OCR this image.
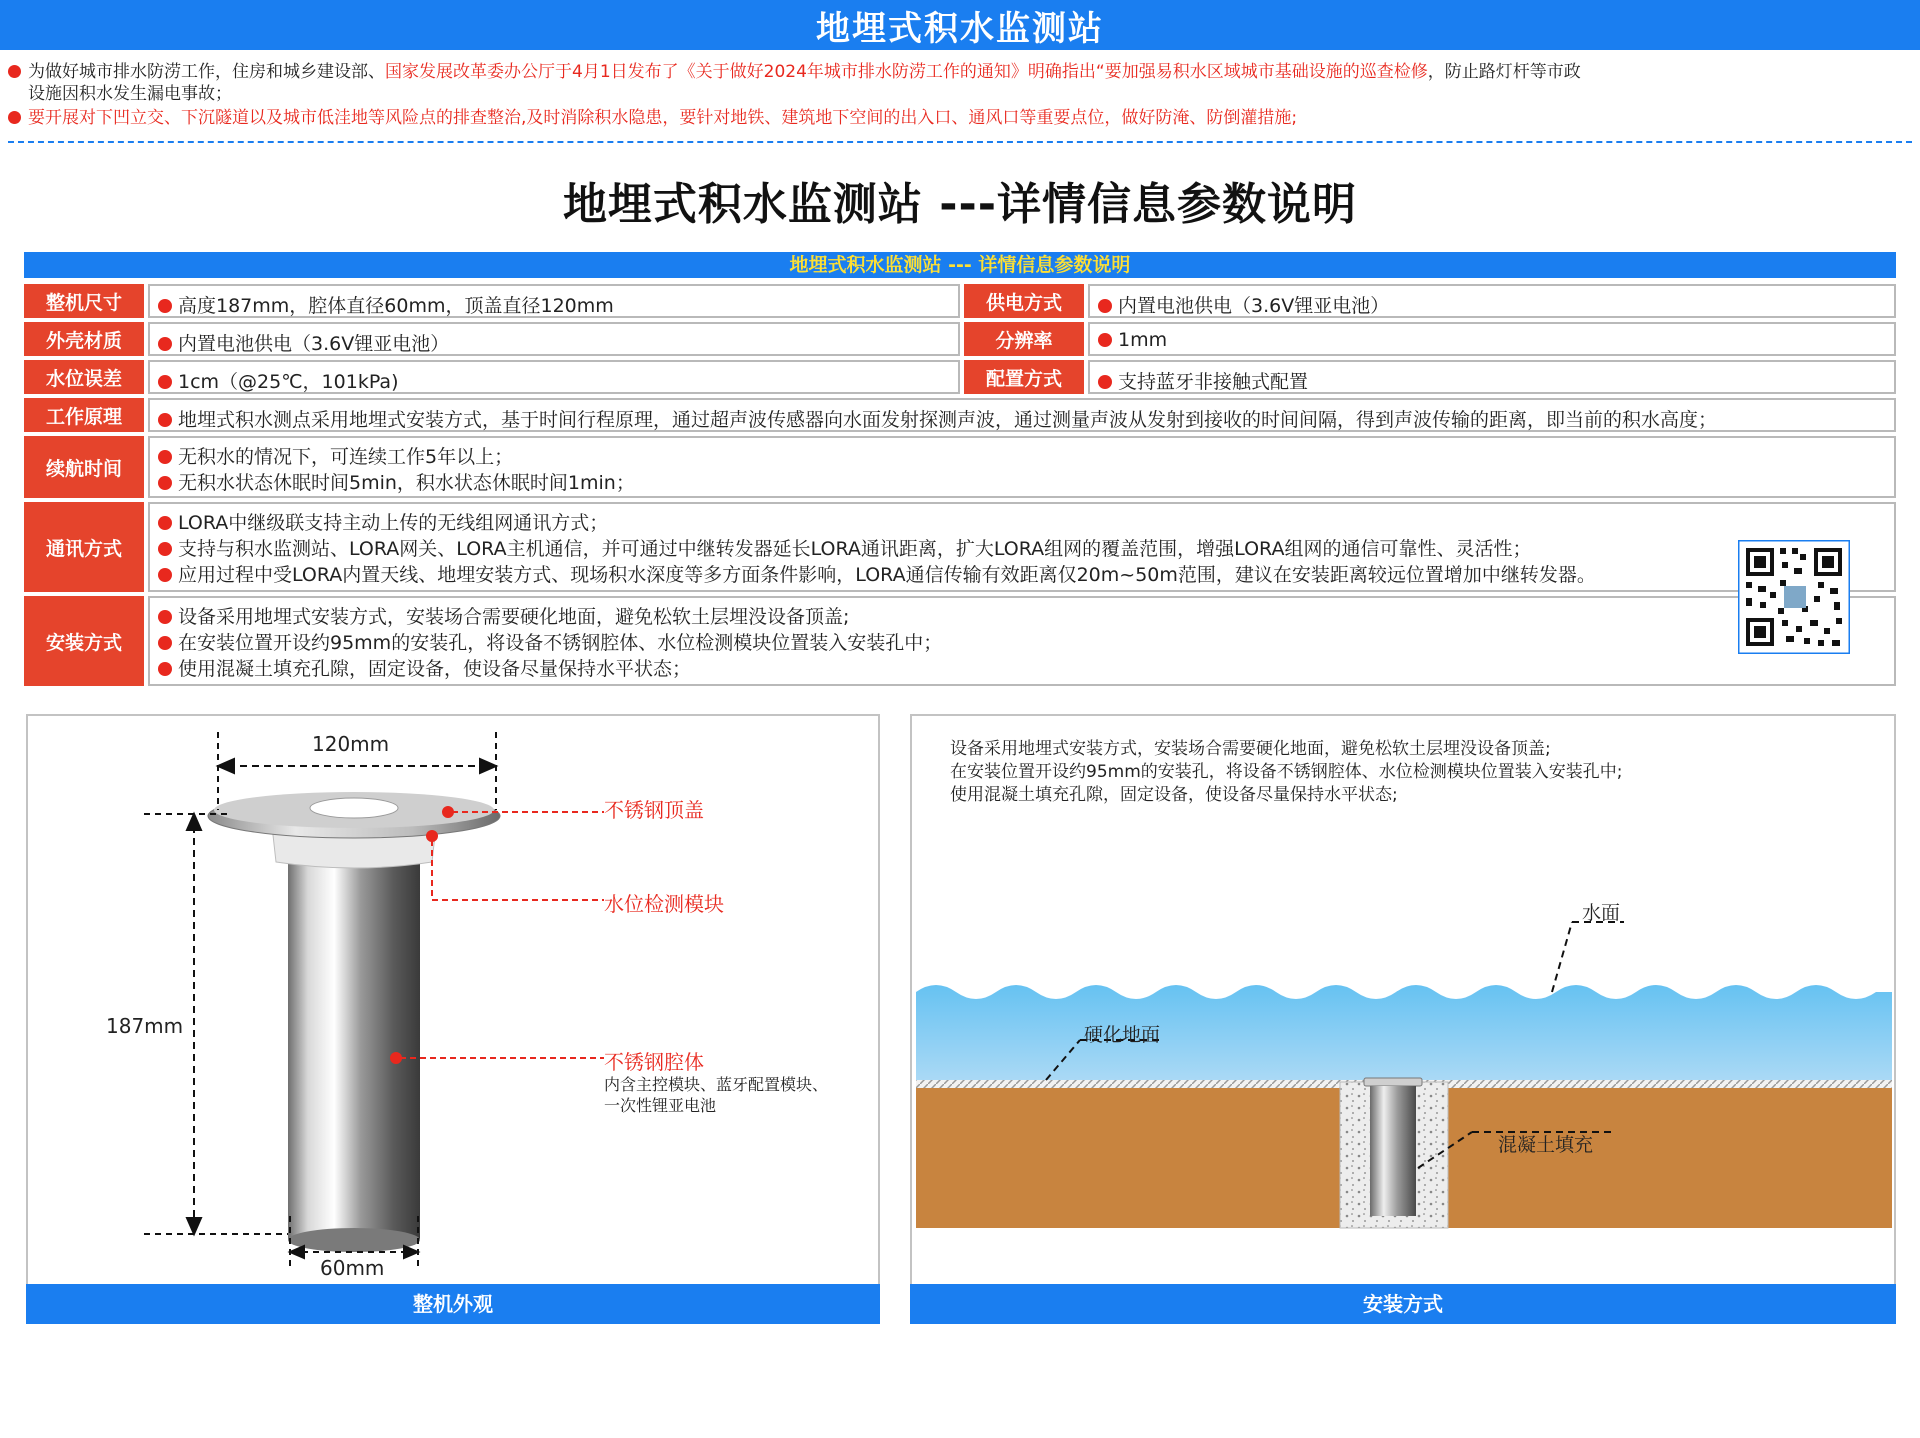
地埋式积水监测站
为做好城市排水防涝工作，住房和城乡建设部、国家发展改革委办公厅于4月1日发布了《关于做好2024年城市排水防涝工作的通知》明确指出“要加强易积水区域城市基础设施的巡查检修，防止路灯杆等市政
设施因积水发生漏电事故；
要开展对下凹立交、下沉隧道以及城市低洼地等风险点的排查整治,及时消除积水隐患，要针对地铁、建筑地下空间的出入口、通风口等重要点位，做好防淹、防倒灌措施;
地埋式积水监测站 ---详情信息参数说明
地埋式积水监测站 --- 详情信息参数说明
整机尺寸	高度187mm，腔体直径60mm，顶盖直径120mm	供电方式	内置电池供电（3.6V锂亚电池）
外壳材质	内置电池供电（3.6V锂亚电池）	分辨率	1mm
水位误差	1cm（@25℃，101kPa)	配置方式	支持蓝牙非接触式配置
工作原理	地埋式积水测点采用地埋式安装方式，基于时间行程原理，通过超声波传感器向水面发射探测声波，通过测量声波从发射到接收的时间间隔，得到声波传输的距离，即当前的积水高度；
续航时间
无积水的情况下，可连续工作5年以上；
无积水状态休眠时间5min，积水状态休眠时间1min；
通讯方式
LORA中继级联支持主动上传的无线组网通讯方式；
支持与积水监测站、LORA网关、LORA主机通信，并可通过中继转发器延长LORA通讯距离，扩大LORA组网的覆盖范围，增强LORA组网的通信可靠性、灵活性；
应用过程中受LORA内置天线、地埋安装方式、现场积水深度等多方面条件影响，LORA通信传输有效距离仅20m~50m范围，建议在安装距离较远位置增加中继转发器。
安装方式
设备采用地埋式安装方式，安装场合需要硬化地面，避免松软土层埋没设备顶盖;
在安装位置开设约95mm的安装孔，将设备不锈钢腔体、水位检测模块位置装入安装孔中；
使用混凝土填充孔隙，固定设备，使设备尽量保持水平状态；
120mm
187mm
60mm
不锈钢顶盖
水位检测模块
不锈钢腔体
内含主控模块、蓝牙配置模块、
一次性锂亚电池
整机外观
设备采用地埋式安装方式，安装场合需要硬化地面，避免松软土层埋没设备顶盖;
在安装位置开设约95mm的安装孔，将设备不锈钢腔体、水位检测模块位置装入安装孔中;
使用混凝土填充孔隙，固定设备，使设备尽量保持水平状态;
水面
硬化地面
混凝土填充
安装方式
